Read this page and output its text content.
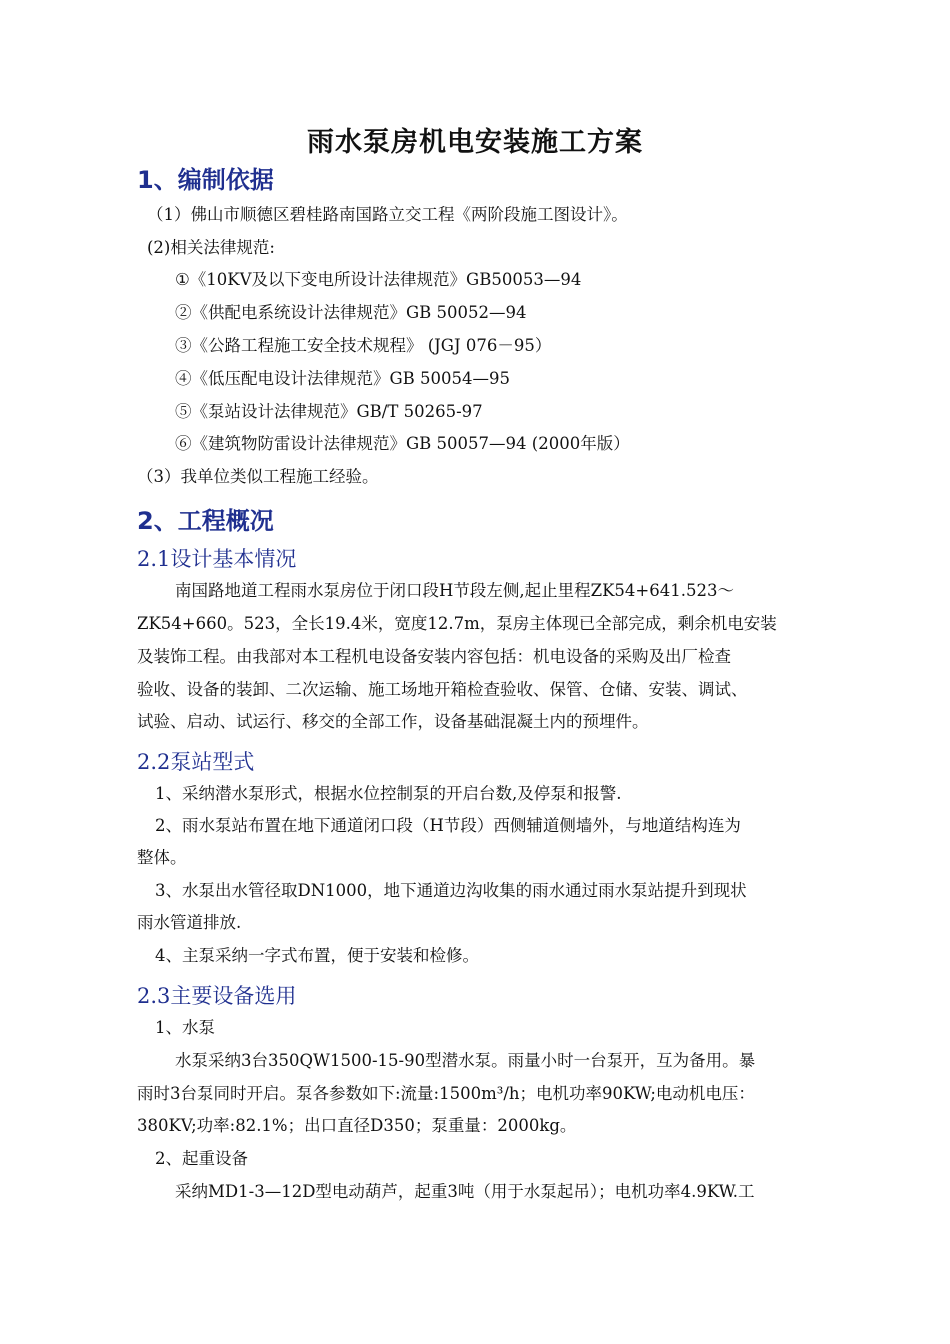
雨水泵房机电安装施工方案
1、编制依据
（1）佛山市顺德区碧桂路南国路立交工程《两阶段施工图设计》。
(2)相关法律规范:
①《10KV及以下变电所设计法律规范》GB50053—94
②《供配电系统设计法律规范》GB 50052—94
③《公路工程施工安全技术规程》 (JGJ 076－95）
④《低压配电设计法律规范》GB 50054—95
⑤《泵站设计法律规范》GB/T 50265-97
⑥《建筑物防雷设计法律规范》GB 50057—94 (2000年版）
（3）我单位类似工程施工经验。
2、工程概况
2.1设计基本情况
南国路地道工程雨水泵房位于闭口段H节段左侧,起止里程ZK54+641.523～
ZK54+660。523，全长19.4米，宽度12.7m，泵房主体现已全部完成，剩余机电安装
及装饰工程。由我部对本工程机电设备安装内容包括：机电设备的采购及出厂检查
验收、设备的装卸、二次运输、施工场地开箱检查验收、保管、仓储、安装、调试、
试验、启动、试运行、移交的全部工作，设备基础混凝土内的预埋件。
2.2泵站型式
1、采纳潜水泵形式，根据水位控制泵的开启台数,及停泵和报警.
2、雨水泵站布置在地下通道闭口段（H节段）西侧辅道侧墙外，与地道结构连为
整体。
3、水泵出水管径取DN1000，地下通道边沟收集的雨水通过雨水泵站提升到现状
雨水管道排放.
4、主泵采纳一字式布置，便于安装和检修。
2.3主要设备选用
1、水泵
水泵采纳3台350QW1500-15-90型潜水泵。雨量小时一台泵开，互为备用。暴
雨时3台泵同时开启。泵各参数如下:流量:1500m³/h；电机功率90KW;电动机电压：
380KV;功率:82.1%；出口直径D350；泵重量：2000kg。
2、起重设备
采纳MD1-3—12D型电动葫芦，起重3吨（用于水泵起吊）；电机功率4.9KW.工
